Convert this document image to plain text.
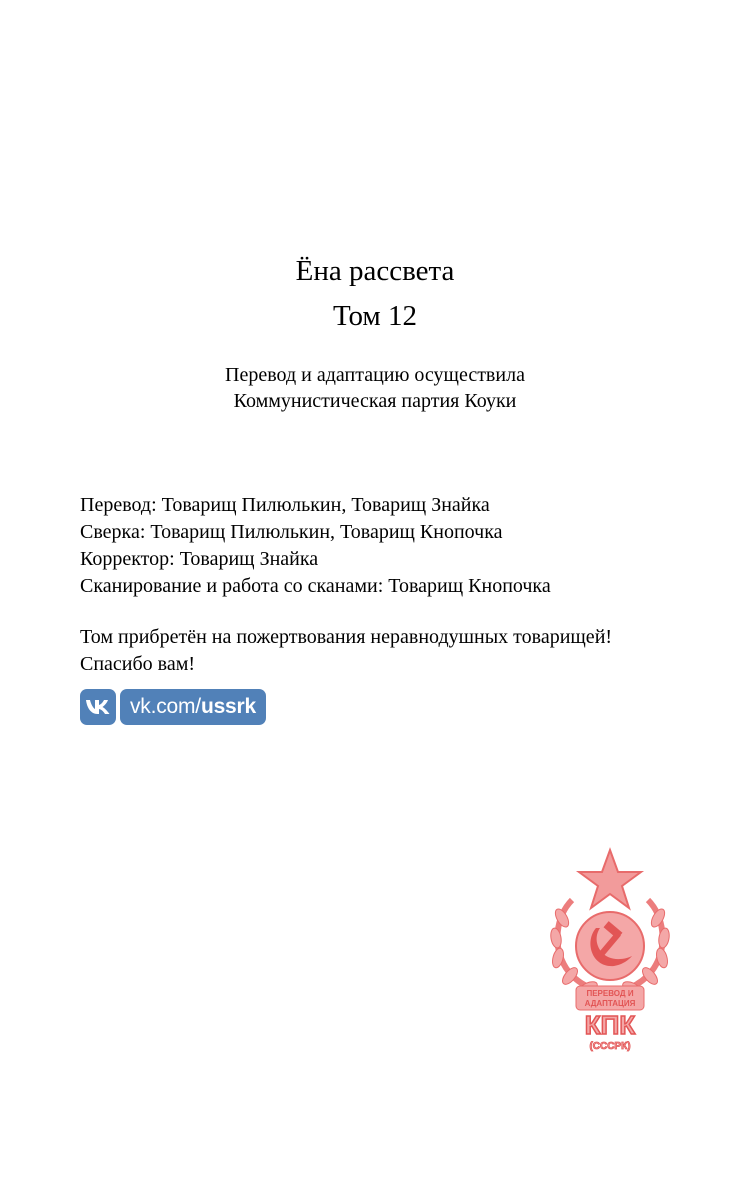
Ёна рассвета
Том 12
Перевод и адаптацию осуществила
Коммунистическая партия Коуки
Перевод: Товарищ Пилюлькин, Товарищ Знайка
Сверка: Товарищ Пилюлькин, Товарищ Кнопочка
Корректор: Товарищ Знайка
Сканирование и работа со сканами: Товарищ Кнопочка
Том прибретён на пожертвования неравнодушных товарищей!
Спасибо вам!
vk.com/ ussrk
ПЕРЕВОД И
АДАПТАЦИЯ
КПК
(СССРК)
